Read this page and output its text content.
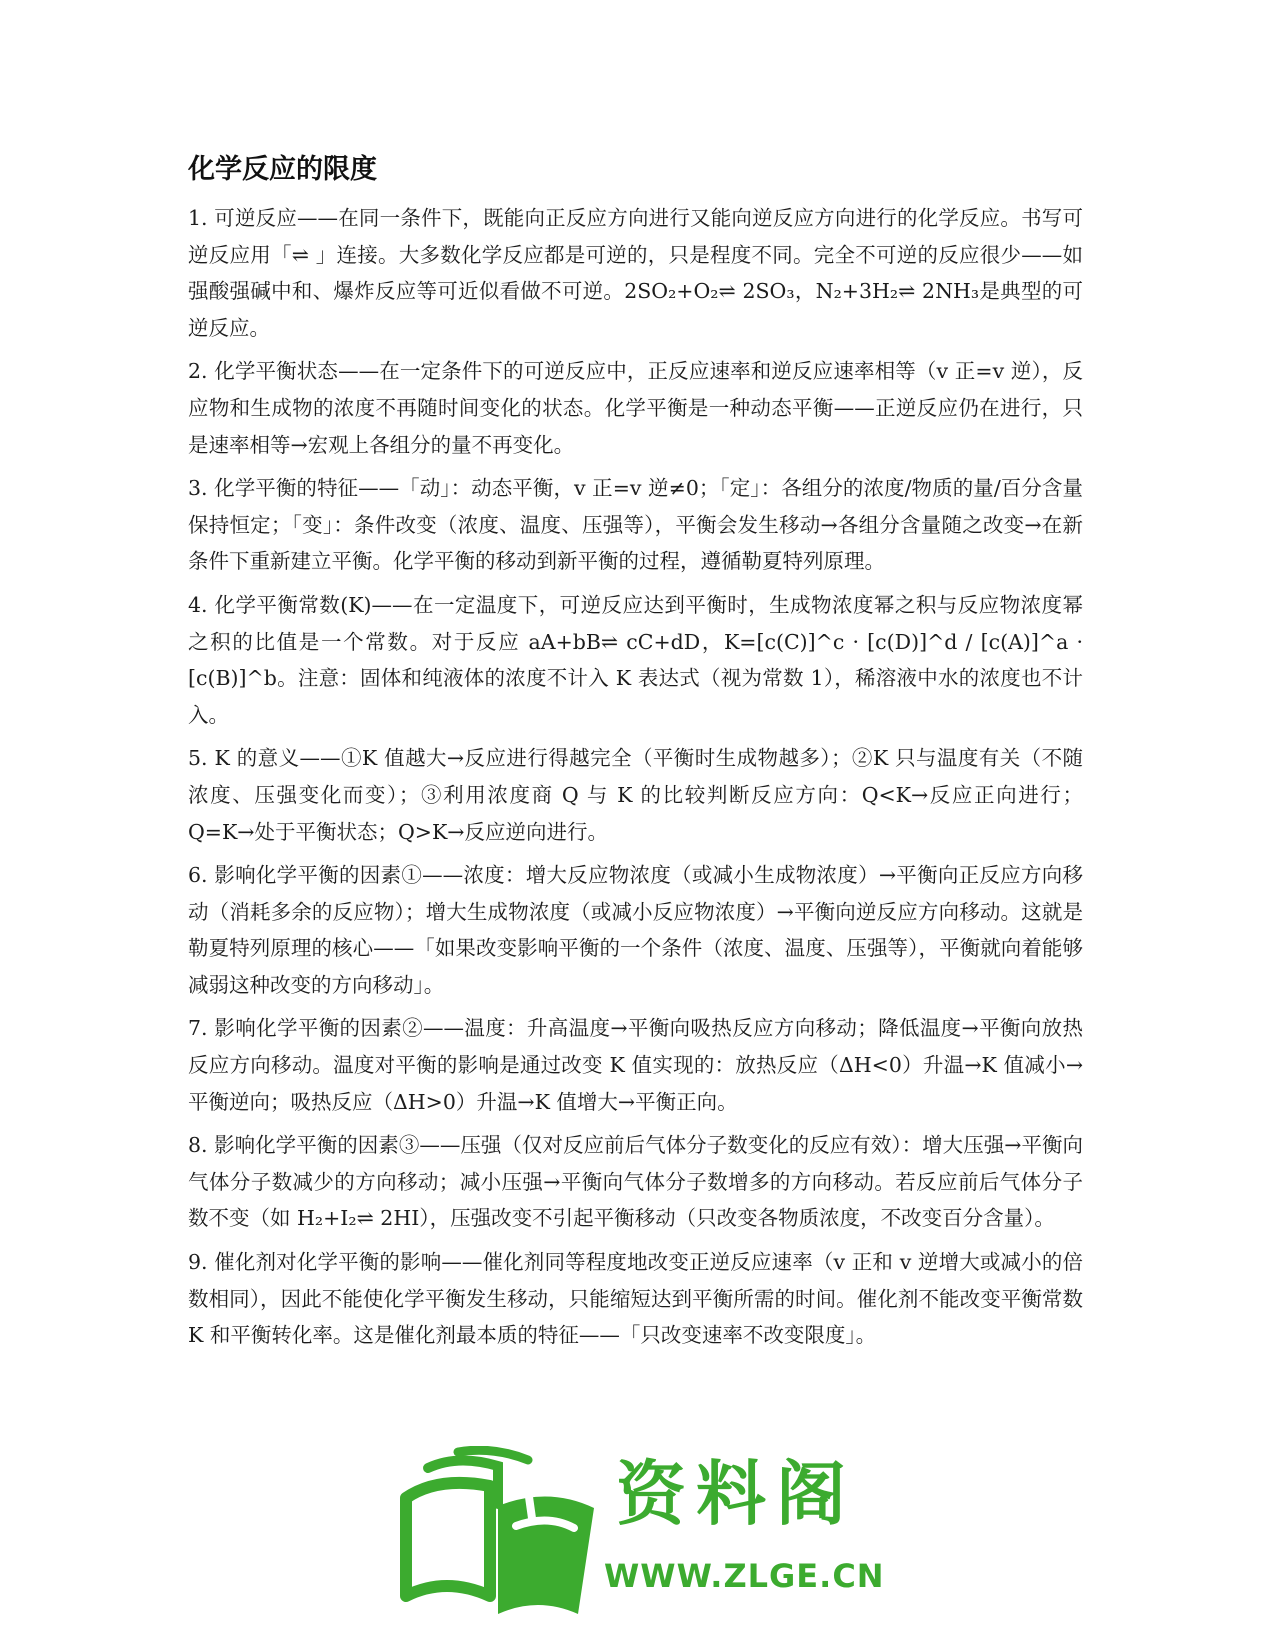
化学反应的限度

1. 可逆反应——在同一条件下，既能向正反应方向进行又能向逆反应方向进行的化学反应。书写可逆反应用「⇌ 」连接。大多数化学反应都是可逆的，只是程度不同。完全不可逆的反应很少——如强酸强碱中和、爆炸反应等可近似看做不可逆。2SO₂+O₂⇌ 2SO₃，N₂+3H₂⇌ 2NH₃是典型的可逆反应。

2. 化学平衡状态——在一定条件下的可逆反应中，正反应速率和逆反应速率相等（v 正=v 逆），反应物和生成物的浓度不再随时间变化的状态。化学平衡是一种动态平衡——正逆反应仍在进行，只是速率相等→宏观上各组分的量不再变化。

3. 化学平衡的特征——「动」：动态平衡，v 正=v 逆≠0；「定」：各组分的浓度/物质的量/百分含量保持恒定；「变」：条件改变（浓度、温度、压强等），平衡会发生移动→各组分含量随之改变→在新条件下重新建立平衡。化学平衡的移动到新平衡的过程，遵循勒夏特列原理。

4. 化学平衡常数(K)——在一定温度下，可逆反应达到平衡时，生成物浓度幂之积与反应物浓度幂之积的比值是一个常数。对于反应 aA+bB⇌ cC+dD，K=[c(C)]^c · [c(D)]^d / [c(A)]^a · [c(B)]^b。注意：固体和纯液体的浓度不计入 K 表达式（视为常数 1），稀溶液中水的浓度也不计入。

5. K 的意义——①K 值越大→反应进行得越完全（平衡时生成物越多）；②K 只与温度有关（不随浓度、压强变化而变）；③利用浓度商 Q 与 K 的比较判断反应方向：Q<K→反应正向进行；Q=K→处于平衡状态；Q>K→反应逆向进行。

6. 影响化学平衡的因素①——浓度：增大反应物浓度（或减小生成物浓度）→平衡向正反应方向移动（消耗多余的反应物）；增大生成物浓度（或减小反应物浓度）→平衡向逆反应方向移动。这就是勒夏特列原理的核心——「如果改变影响平衡的一个条件（浓度、温度、压强等），平衡就向着能够减弱这种改变的方向移动」。

7. 影响化学平衡的因素②——温度：升高温度→平衡向吸热反应方向移动；降低温度→平衡向放热反应方向移动。温度对平衡的影响是通过改变 K 值实现的：放热反应（ΔH<0）升温→K 值减小→平衡逆向；吸热反应（ΔH>0）升温→K 值增大→平衡正向。

8. 影响化学平衡的因素③——压强（仅对反应前后气体分子数变化的反应有效）：增大压强→平衡向气体分子数减少的方向移动；减小压强→平衡向气体分子数增多的方向移动。若反应前后气体分子数不变（如 H₂+I₂⇌ 2HI），压强改变不引起平衡移动（只改变各物质浓度，不改变百分含量）。

9. 催化剂对化学平衡的影响——催化剂同等程度地改变正逆反应速率（v 正和 v 逆增大或减小的倍数相同），因此不能使化学平衡发生移动，只能缩短达到平衡所需的时间。催化剂不能改变平衡常数 K 和平衡转化率。这是催化剂最本质的特征——「只改变速率不改变限度」。

资料阁
WWW.ZLGE.CN
